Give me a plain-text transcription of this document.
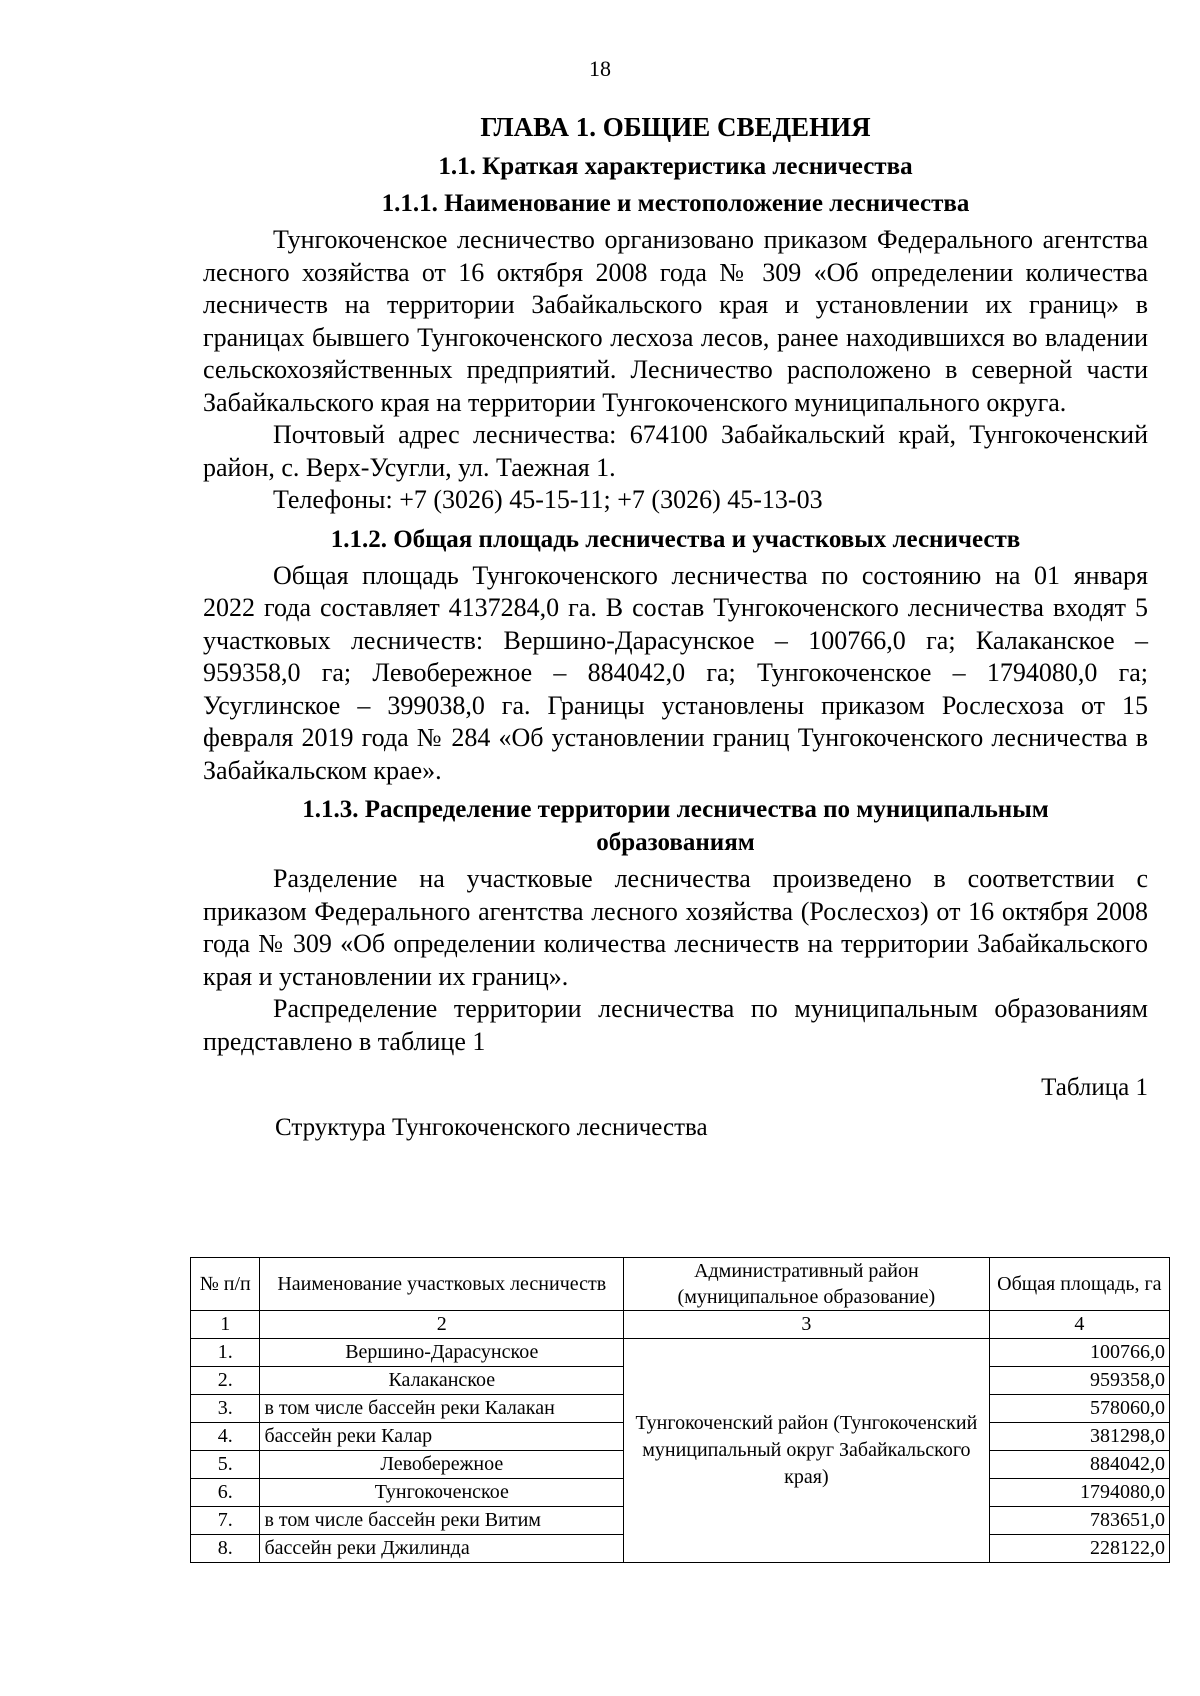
18
ГЛАВА 1. ОБЩИЕ СВЕДЕНИЯ
1.1. Краткая характеристика лесничества
1.1.1. Наименование и местоположение лесничества

Тунгокоченское лесничество организовано приказом Федерального агентства лесного хозяйства от 16 октября 2008 года № 309 «Об определении количества лесничеств на территории Забайкальского края и установлении их границ» в границах бывшего Тунгокоченского лесхоза лесов, ранее находившихся во владении сельскохозяйственных предприятий. Лесничество расположено в северной части Забайкальского края на территории Тунгокоченского муниципального округа.

Почтовый адрес лесничества: 674100 Забайкальский край, Тунгокоченский район, с. Верх-Усугли, ул. Таежная 1.

Телефоны: +7 (3026) 45-15-11; +7 (3026) 45-13-03

1.1.2. Общая площадь лесничества и участковых лесничеств

Общая площадь Тунгокоченского лесничества по состоянию на 01 января 2022 года составляет 4137284,0 га. В состав Тунгокоченского лесничества входят 5 участковых лесничеств: Вершино-Дарасунское – 100766,0 га; Калаканское – 959358,0 га; Левобережное – 884042,0 га; Тунгокоченское – 1794080,0 га; Усуглинское – 399038,0 га. Границы установлены приказом Рослесхоза от 15 февраля 2019 года № 284 «Об установлении границ Тунгокоченского лесничества в Забайкальском крае».

1.1.3. Распределение территории лесничества по муниципальным
образованиям

Разделение на участковые лесничества произведено в соответствии с приказом Федерального агентства лесного хозяйства (Рослесхоз) от 16 октября 2008 года № 309 «Об определении количества лесничеств на территории Забайкальского края и установлении их границ».

Распределение территории лесничества по муниципальным образованиям представлено в таблице 1

Таблица 1
Структура Тунгокоченского лесничества
№ п/п	Наименование участковых лесничеств	Административный район (муниципальное образование)	Общая площадь, га
1	2	3	4
1.	Вершино-Дарасунское	Тунгокоченский район (Тунгокоченский муниципальный округ Забайкальского края)	100766,0
2.	Калаканское		959358,0
3.	в том числе бассейн реки Калакан		578060,0
4.	бассейн реки Калар		381298,0
5.	Левобережное		884042,0
6.	Тунгокоченское		1794080,0
7.	в том числе бассейн реки Витим		783651,0
8.	бассейн реки Джилинда		228122,0
